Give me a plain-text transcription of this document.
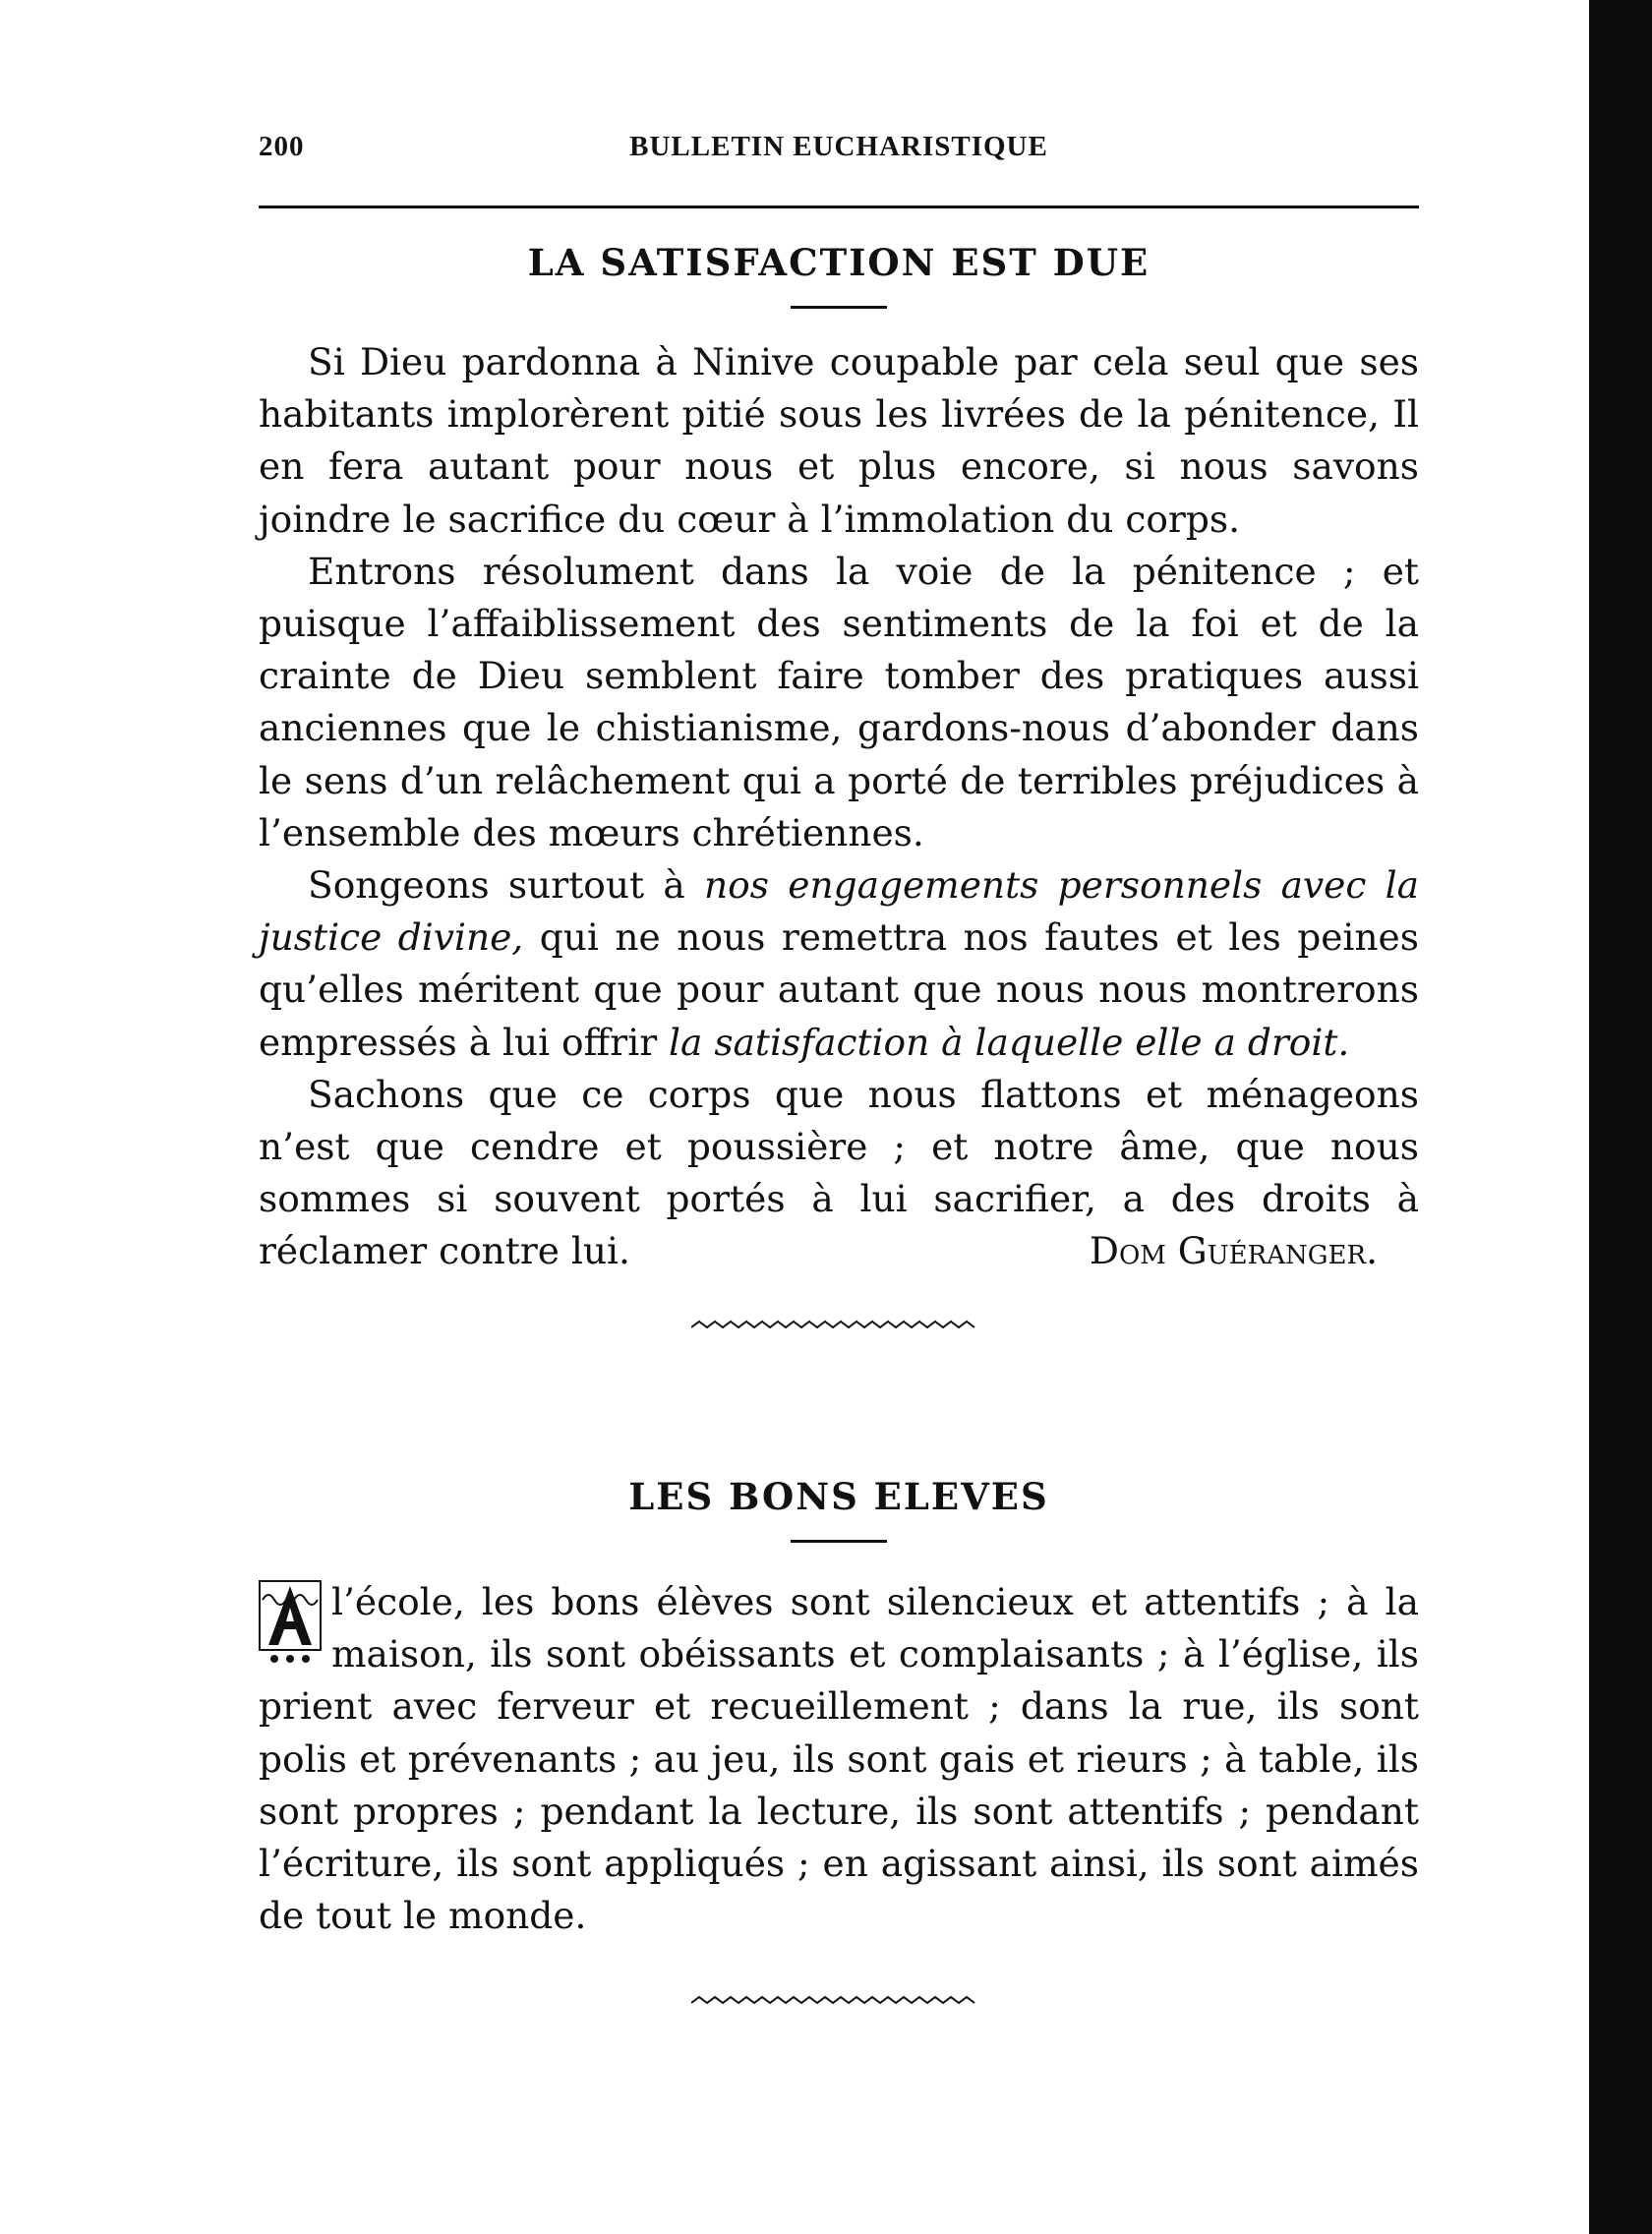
200	BULLETIN EUCHARISTIQUE
LA SATISFACTION EST DUE

Si Dieu pardonna à Ninive coupable par cela seul que ses habitants implorèrent pitié sous les livrées de la pénitence, Il en fera autant pour nous et plus encore, si nous savons joindre le sacrifice du cœur à l’immolation du corps.

Entrons résolument dans la voie de la pénitence ; et puisque l’affaiblissement des sentiments de la foi et de la crainte de Dieu semblent faire tomber des pratiques aussi anciennes que le chistianisme, gardons-nous d’abonder dans le sens d’un relâchement qui a porté de terribles préjudices à l’ensemble des mœurs chrétiennes.

Songeons surtout à nos engagements personnels avec la justice divine, qui ne nous remettra nos fautes et les peines qu’elles méritent que pour autant que nous nous montrerons empressés à lui offrir la satisfaction à laquelle elle a droit.

Sachons que ce corps que nous flattons et ménageons n’est que cendre et poussière ; et notre âme, que nous sommes si souvent portés à lui sacrifier, a des droits à réclamer contre lui.	Dom Guéranger.

LES BONS ELEVES

A
l’école, les bons élèves sont silencieux et attentifs ; à la maison, ils sont obéissants et complaisants ; à l’église, ils prient avec ferveur et recueillement ; dans la rue, ils sont polis et prévenants ; au jeu, ils sont gais et rieurs ; à table, ils sont propres ; pendant la lecture, ils sont attentifs ; pendant l’écriture, ils sont appliqués ; en agissant ainsi, ils sont aimés de tout le monde.
